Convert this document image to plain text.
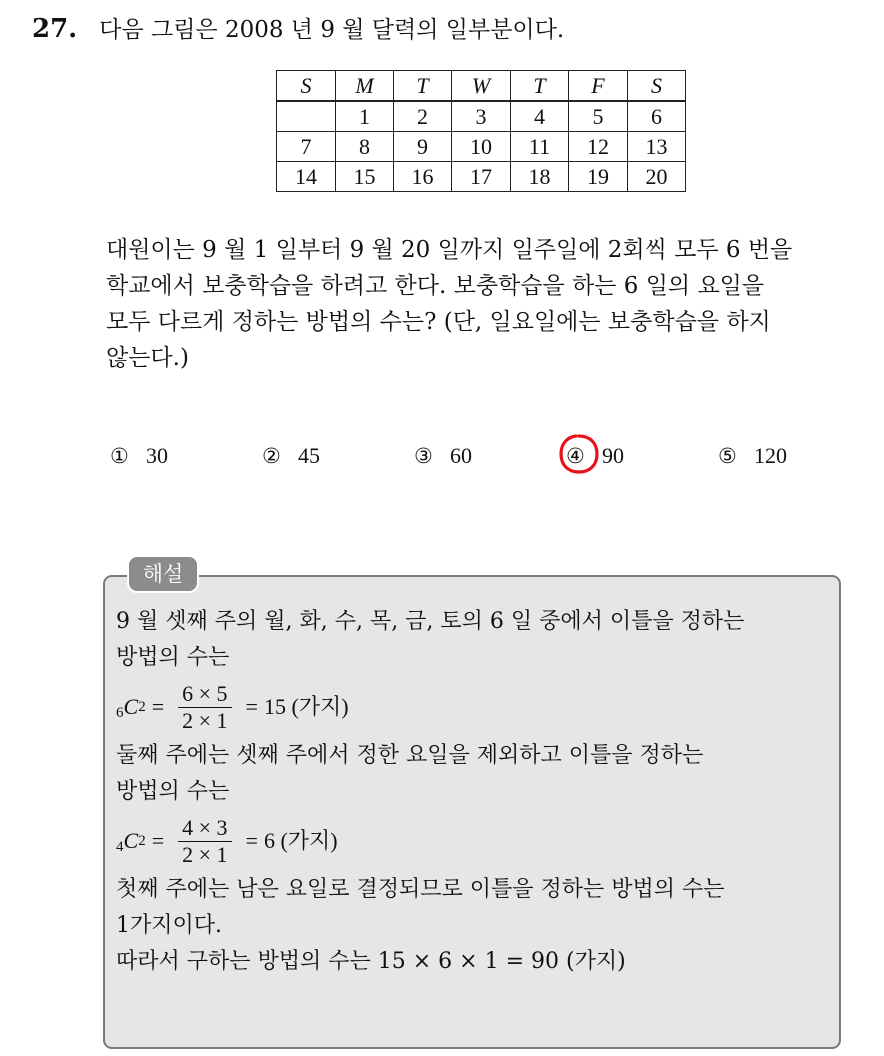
27. 다음 그림은 2008 년 9 월 달력의 일부분이다.
S	M	T	W	T	F	S
	1	2	3	4	5	6
7	8	9	10	11	12	13
14	15	16	17	18	19	20
대원이는 9 월 1 일부터 9 월 20 일까지 일주일에 2회씩 모두 6 번을
학교에서 보충학습을 하려고 한다. 보충학습을 하는 6 일의 요일을
모두 다르게 정하는 방법의 수는? (단, 일요일에는 보충학습을 하지
않는다.)
① 30	② 45	③ 60	④ 90	⑤ 120
해설
9 월 셋째 주의 월, 화, 수, 목, 금, 토의 6 일 중에서 이틀을 정하는
방법의 수는
6 C $2 = \frac{6 \times 5}{2 \times 1} = 15$ (가지)
둘째 주에는 셋째 주에서 정한 요일을 제외하고 이틀을 정하는
방법의 수는
4 C $2 = \frac{4 \times 3}{2 \times 1} = 6$ (가지)
첫째 주에는 남은 요일로 결정되므로 이틀을 정하는 방법의 수는
1가지이다.
따라서 구하는 방법의 수는 15 × 6 × 1 = 90 (가지)
